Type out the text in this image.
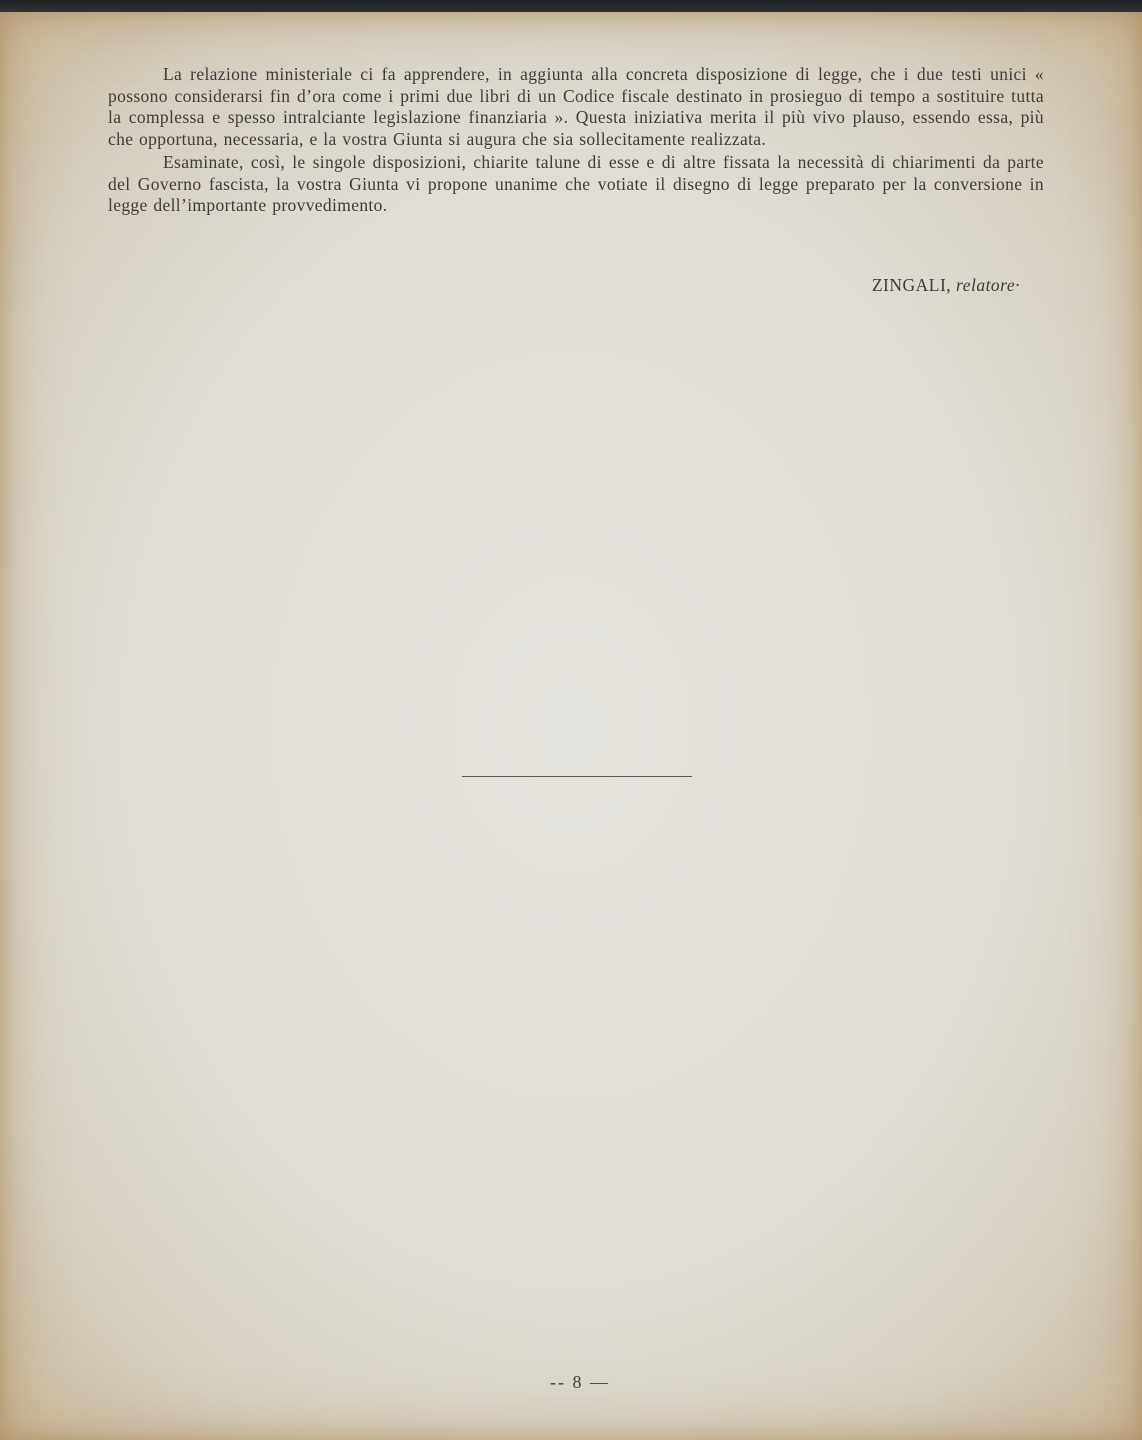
La relazione ministeriale ci fa apprendere, in aggiunta alla concreta disposizione di legge, che i due testi unici « possono considerarsi fin d’ora come i primi due libri di un Codice fiscale destinato in prosieguo di tempo a sostituire tutta la complessa e spesso intralciante legislazione finanziaria ». Questa iniziativa merita il più vivo plauso, essendo essa, più che opportuna, necessaria, e la vostra Giunta si augura che sia sollecitamente realizzata.

Esaminate, così, le singole disposizioni, chiarite talune di esse e di altre fissata la necessità di chiarimenti da parte del Governo fascista, la vostra Giunta vi propone unanime che votiate il disegno di legge preparato per la conversione in legge dell’importante provvedimento.

ZINGALI, relatore·
-- 8 —
